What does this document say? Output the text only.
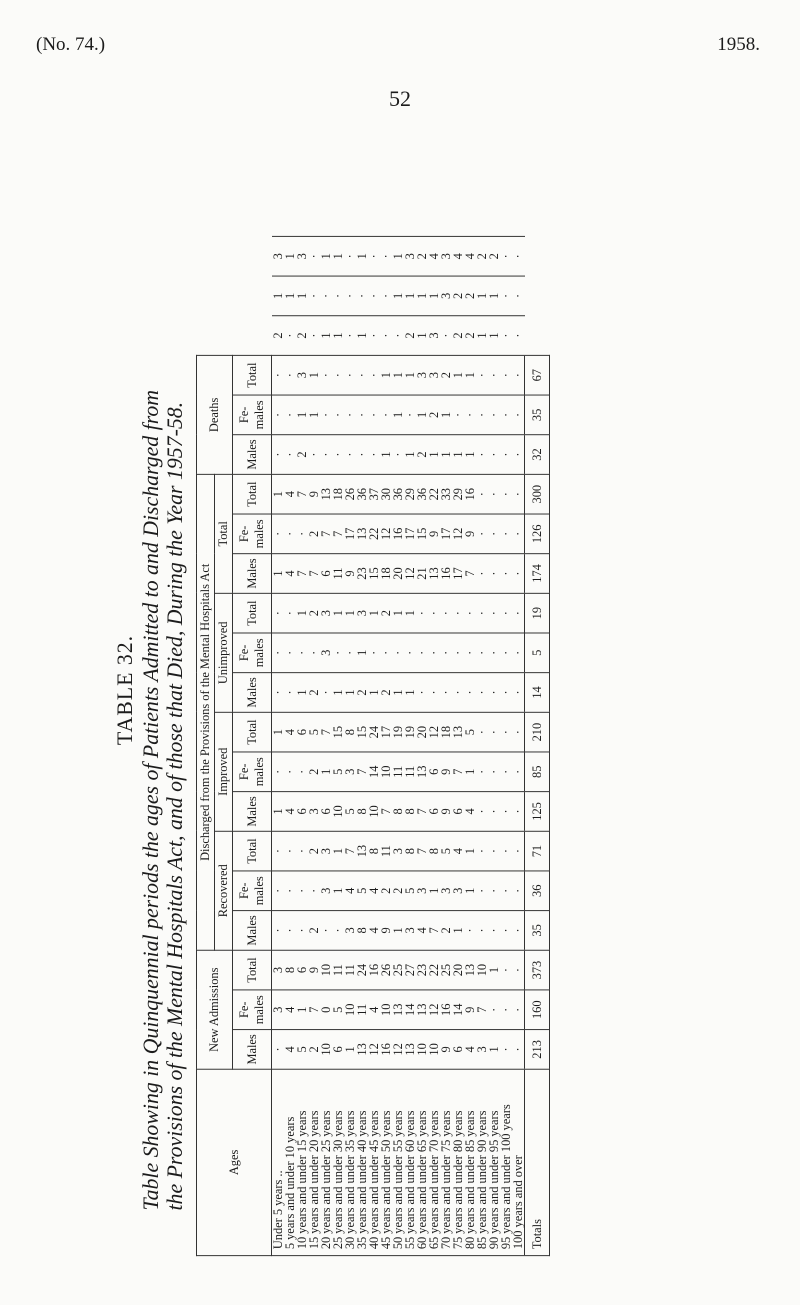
(No. 74.)	1958.
52
TABLE 32. Table Showing in Quinquennial periods the ages of Patients Admitted to and Discharged from the Provisions of the Mental Hospitals Act, and of those that Died, During the Year 1957-58.	Ages	New Admissions			Discharged from the Provisions of the Mental Hospitals Act												Deaths					
				Recovered			Improved			Unimproved			Total								
	Males	Fe-males	Total	Males	Fe-males	Total	Males	Fe-males	Total	Males	Fe-males	Total	Males	Fe-males	Total	Males	Fe-males	Total			
Under 5 years ..	·	3	3	·	·	·	1	·	1	·	·	·	1	·	1	·	·	·	2	1	3
5 years and under 10 years	4	4	8	·	·	·	4	·	4	·	·	·	4	·	4	·	·	·	·	1	1
10 years and under 15 years	5	1	6	·	·	·	6	·	6	1	·	1	7	·	7	2	1	3	2	1	3
15 years and under 20 years	2	7	9	2	·	2	3	2	5	2	·	2	7	2	9	·	1	1	·	·	·
20 years and under 25 years	10	0	10	·	3	3	6	1	7	·	3	3	6	7	13	·	·	·	1	·	1
25 years and under 30 years	6	5	11	·	1	1	10	5	15	1	·	1	11	7	18	·	·	·	1	·	1
30 years and under 35 years	1	10	11	3	4	7	5	3	8	1	·	1	9	17	26	·	·	·	·	·	·
35 years and under 40 years	13	11	24	8	5	13	8	7	15	2	1	3	23	13	36	·	·	·	1	·	1
40 years and under 45 years	12	4	16	4	4	8	10	14	24	1	·	1	15	22	37	·	·	·	·	·	·
45 years and under 50 years	16	10	26	9	2	11	7	10	17	2	·	2	18	12	30	1	·	1	·	·	·
50 years and under 55 years	12	13	25	1	2	3	8	11	19	1	·	1	20	16	36	·	1	1	·	1	1
55 years and under 60 years	13	14	27	3	5	8	8	11	19	1	·	1	12	17	29	1	·	1	2	1	3
60 years and under 65 years	10	13	23	4	3	7	7	13	20	·	·	·	21	15	36	2	1	3	1	1	2
65 years and under 70 years	10	12	22	7	1	8	6	6	12	·	·	·	13	9	22	1	2	3	3	1	4
70 years and under 75 years	9	16	25	2	3	5	9	9	18	·	·	·	16	17	33	1	1	2	·	3	3
75 years and under 80 years	6	14	20	1	3	4	6	7	13	·	·	·	17	12	29	1	·	1	2	2	4
80 years and under 85 years	4	9	13	·	1	1	4	1	5	·	·	·	7	9	16	1	·	1	2	2	4
85 years and under 90 years	3	7	10	·	·	·	·	·	·	·	·	·	·	·	·	·	·	·	1	1	2
90 years and under 95 years	1	·	1	·	·	·	·	·	·	·	·	·	·	·	·	·	·	·	1	1	2
95 years and under 100 years	·	·	·	·	·	·	·	·	·	·	·	·	·	·	·	·	·	·	·	·	·
100 years and over	·	·	·	·	·	·	·	·	·	·	·	·	·	·	·	·	·	·	·	·	·
Totals	213	160	373	35	36	71	125	85	210	14	5	19	174	126	300	32	35	67			
